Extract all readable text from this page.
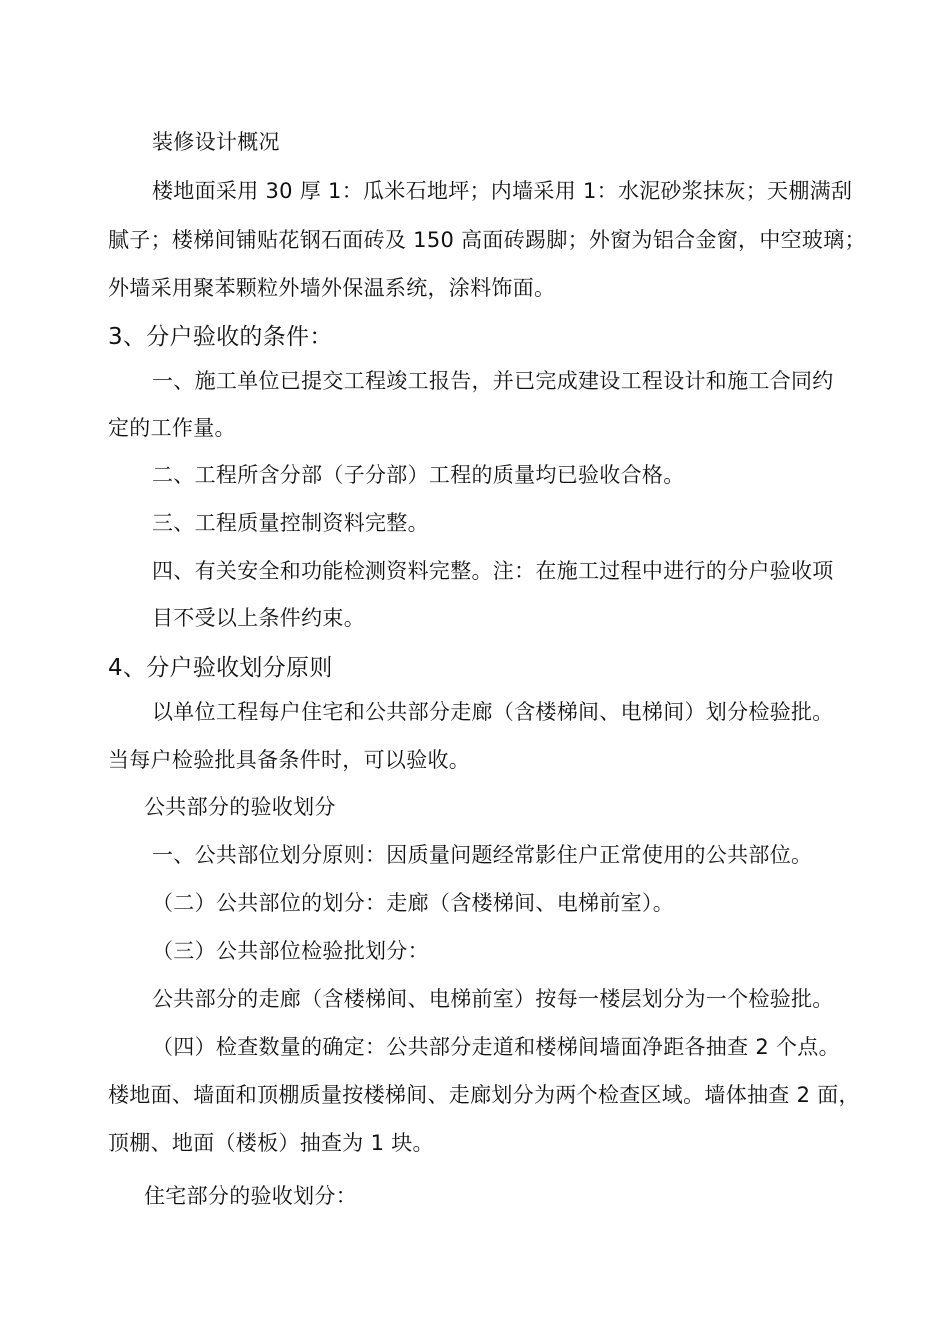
装修设计概况
楼地面采用 30 厚 1：瓜米石地坪；内墙采用 1：水泥砂浆抹灰；天棚满刮
腻子；楼梯间铺贴花钢石面砖及 150 高面砖踢脚；外窗为铝合金窗，中空玻璃；
外墙采用聚苯颗粒外墙外保温系统，涂料饰面。
3、分户验收的条件：
一、施工单位已提交工程竣工报告，并已完成建设工程设计和施工合同约
定的工作量。
二、工程所含分部（子分部）工程的质量均已验收合格。
三、工程质量控制资料完整。
四、有关安全和功能检测资料完整。注：在施工过程中进行的分户验收项
目不受以上条件约束。
4、分户验收划分原则
以单位工程每户住宅和公共部分走廊（含楼梯间、电梯间）划分检验批。
当每户检验批具备条件时，可以验收。
公共部分的验收划分
一、公共部位划分原则：因质量问题经常影住户正常使用的公共部位。
（二）公共部位的划分：走廊（含楼梯间、电梯前室）。
（三）公共部位检验批划分：
公共部分的走廊（含楼梯间、电梯前室）按每一楼层划分为一个检验批。
（四）检查数量的确定：公共部分走道和楼梯间墙面净距各抽查 2 个点。
楼地面、墙面和顶棚质量按楼梯间、走廊划分为两个检查区域。墙体抽查 2 面，
顶棚、地面（楼板）抽查为 1 块。
住宅部分的验收划分：
